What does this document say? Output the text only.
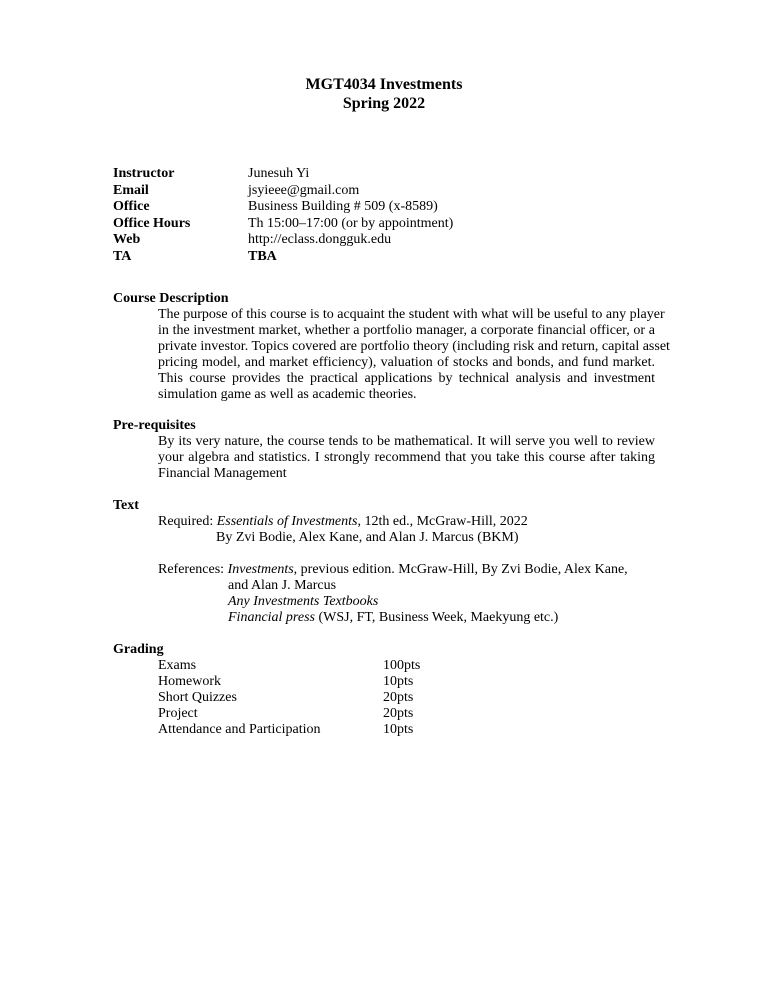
MGT4034 Investments
Spring 2022
Instructor	Junesuh Yi
Email	jsyieee@gmail.com
Office	Business Building # 509 (x-8589)
Office Hours	Th 15:00–17:00 (or by appointment)
Web	http://eclass.dongguk.edu
TA	TBA
Course Description
The purpose of this course is to acquaint the student with what will be useful to any player
in the investment market, whether a portfolio manager, a corporate financial officer, or a
private investor. Topics covered are portfolio theory (including risk and return, capital asset
pricing model, and market efficiency), valuation of stocks and bonds, and fund market.
This course provides the practical applications by technical analysis and investment
simulation game as well as academic theories.
Pre-requisites
By its very nature, the course tends to be mathematical. It will serve you well to review
your algebra and statistics. I strongly recommend that you take this course after taking
Financial Management
Text
Required: Essentials of Investments, 12th ed., McGraw-Hill, 2022
By Zvi Bodie, Alex Kane, and Alan J. Marcus (BKM)
References: Investments, previous edition. McGraw-Hill, By Zvi Bodie, Alex Kane,
and Alan J. Marcus
Any Investments Textbooks
Financial press (WSJ, FT, Business Week, Maekyung etc.)
Grading
Exams	100pts
Homework	10pts
Short Quizzes	20pts
Project	20pts
Attendance and Participation	10pts
